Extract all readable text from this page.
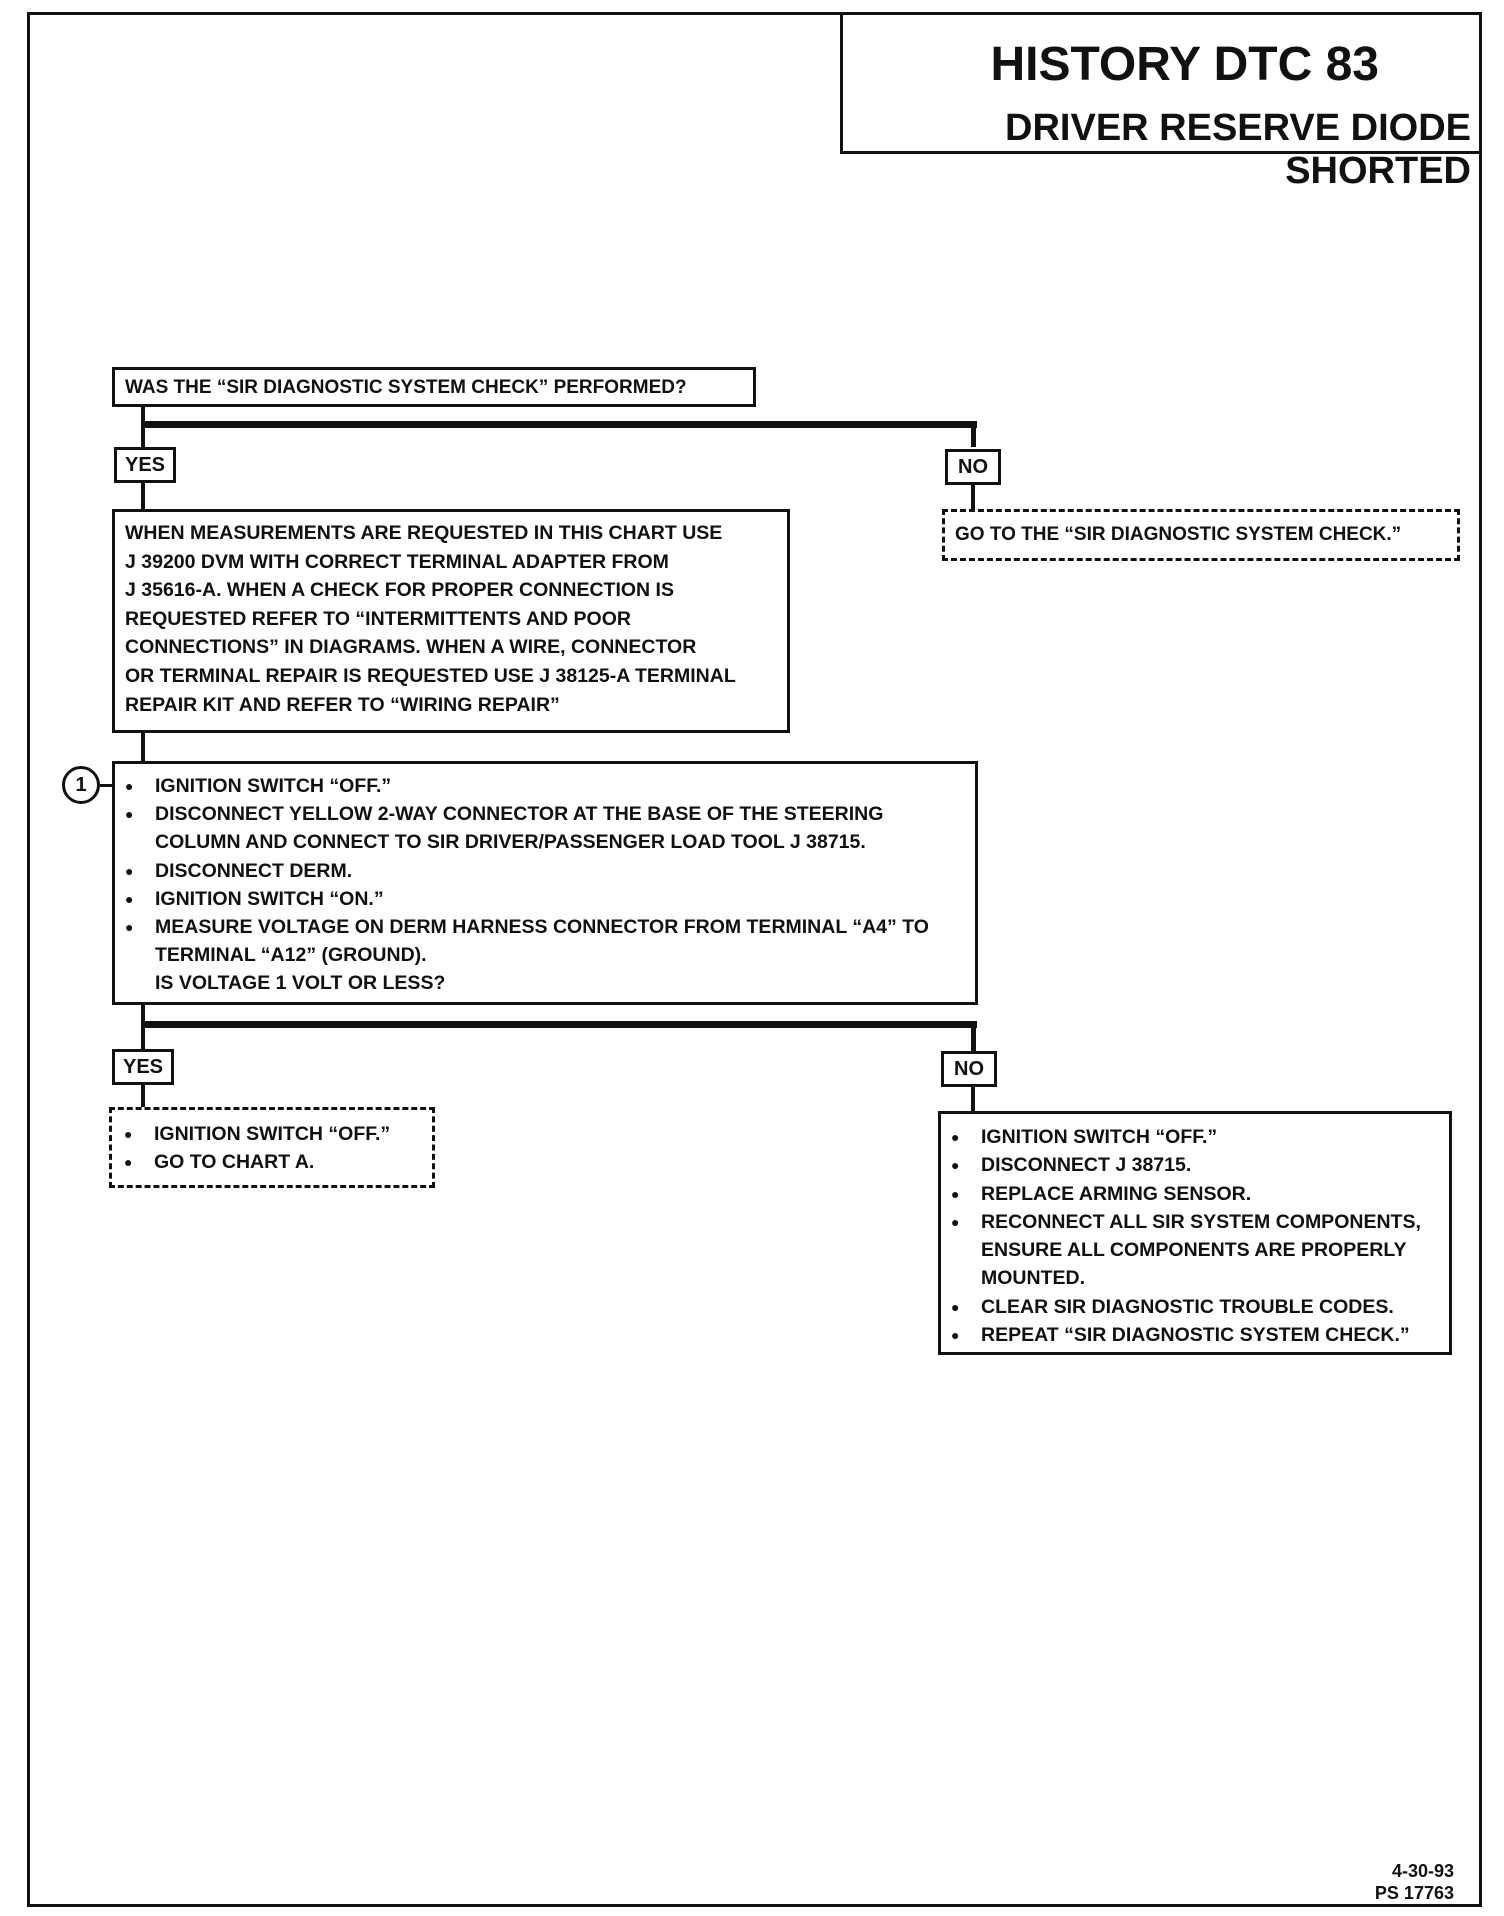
HISTORY DTC 83
DRIVER RESERVE DIODE SHORTED
WAS THE “SIR DIAGNOSTIC SYSTEM CHECK” PERFORMED?
YES	NO
GO TO THE “SIR DIAGNOSTIC SYSTEM CHECK.”
WHEN MEASUREMENTS ARE REQUESTED IN THIS CHART USE
J 39200 DVM WITH CORRECT TERMINAL ADAPTER FROM
J 35616-A. WHEN A CHECK FOR PROPER CONNECTION IS
REQUESTED REFER TO “INTERMITTENTS AND POOR
CONNECTIONS” IN DIAGRAMS. WHEN A WIRE, CONNECTOR
OR TERMINAL REPAIR IS REQUESTED USE J 38125-A TERMINAL
REPAIR KIT AND REFER TO “WIRING REPAIR”
1
●	IGNITION SWITCH “OFF.”
● DISCONNECT YELLOW 2-WAY CONNECTOR AT THE BASE OF THE STEERING COLUMN AND CONNECT TO SIR DRIVER/PASSENGER LOAD TOOL J 38715.
● DISCONNECT DERM.
● IGNITION SWITCH “ON.”
● MEASURE VOLTAGE ON DERM HARNESS CONNECTOR FROM TERMINAL “A4” TO TERMINAL “A12” (GROUND).
IS VOLTAGE 1 VOLT OR LESS?
YES	NO
● IGNITION SWITCH “OFF.”
● GO TO CHART A.
● IGNITION SWITCH “OFF.”
● DISCONNECT J 38715.
● REPLACE ARMING SENSOR.
● RECONNECT ALL SIR SYSTEM COMPONENTS, ENSURE ALL COMPONENTS ARE PROPERLY MOUNTED.
● CLEAR SIR DIAGNOSTIC TROUBLE CODES.
● REPEAT “SIR DIAGNOSTIC SYSTEM CHECK.”
4-30-93
PS 17763
